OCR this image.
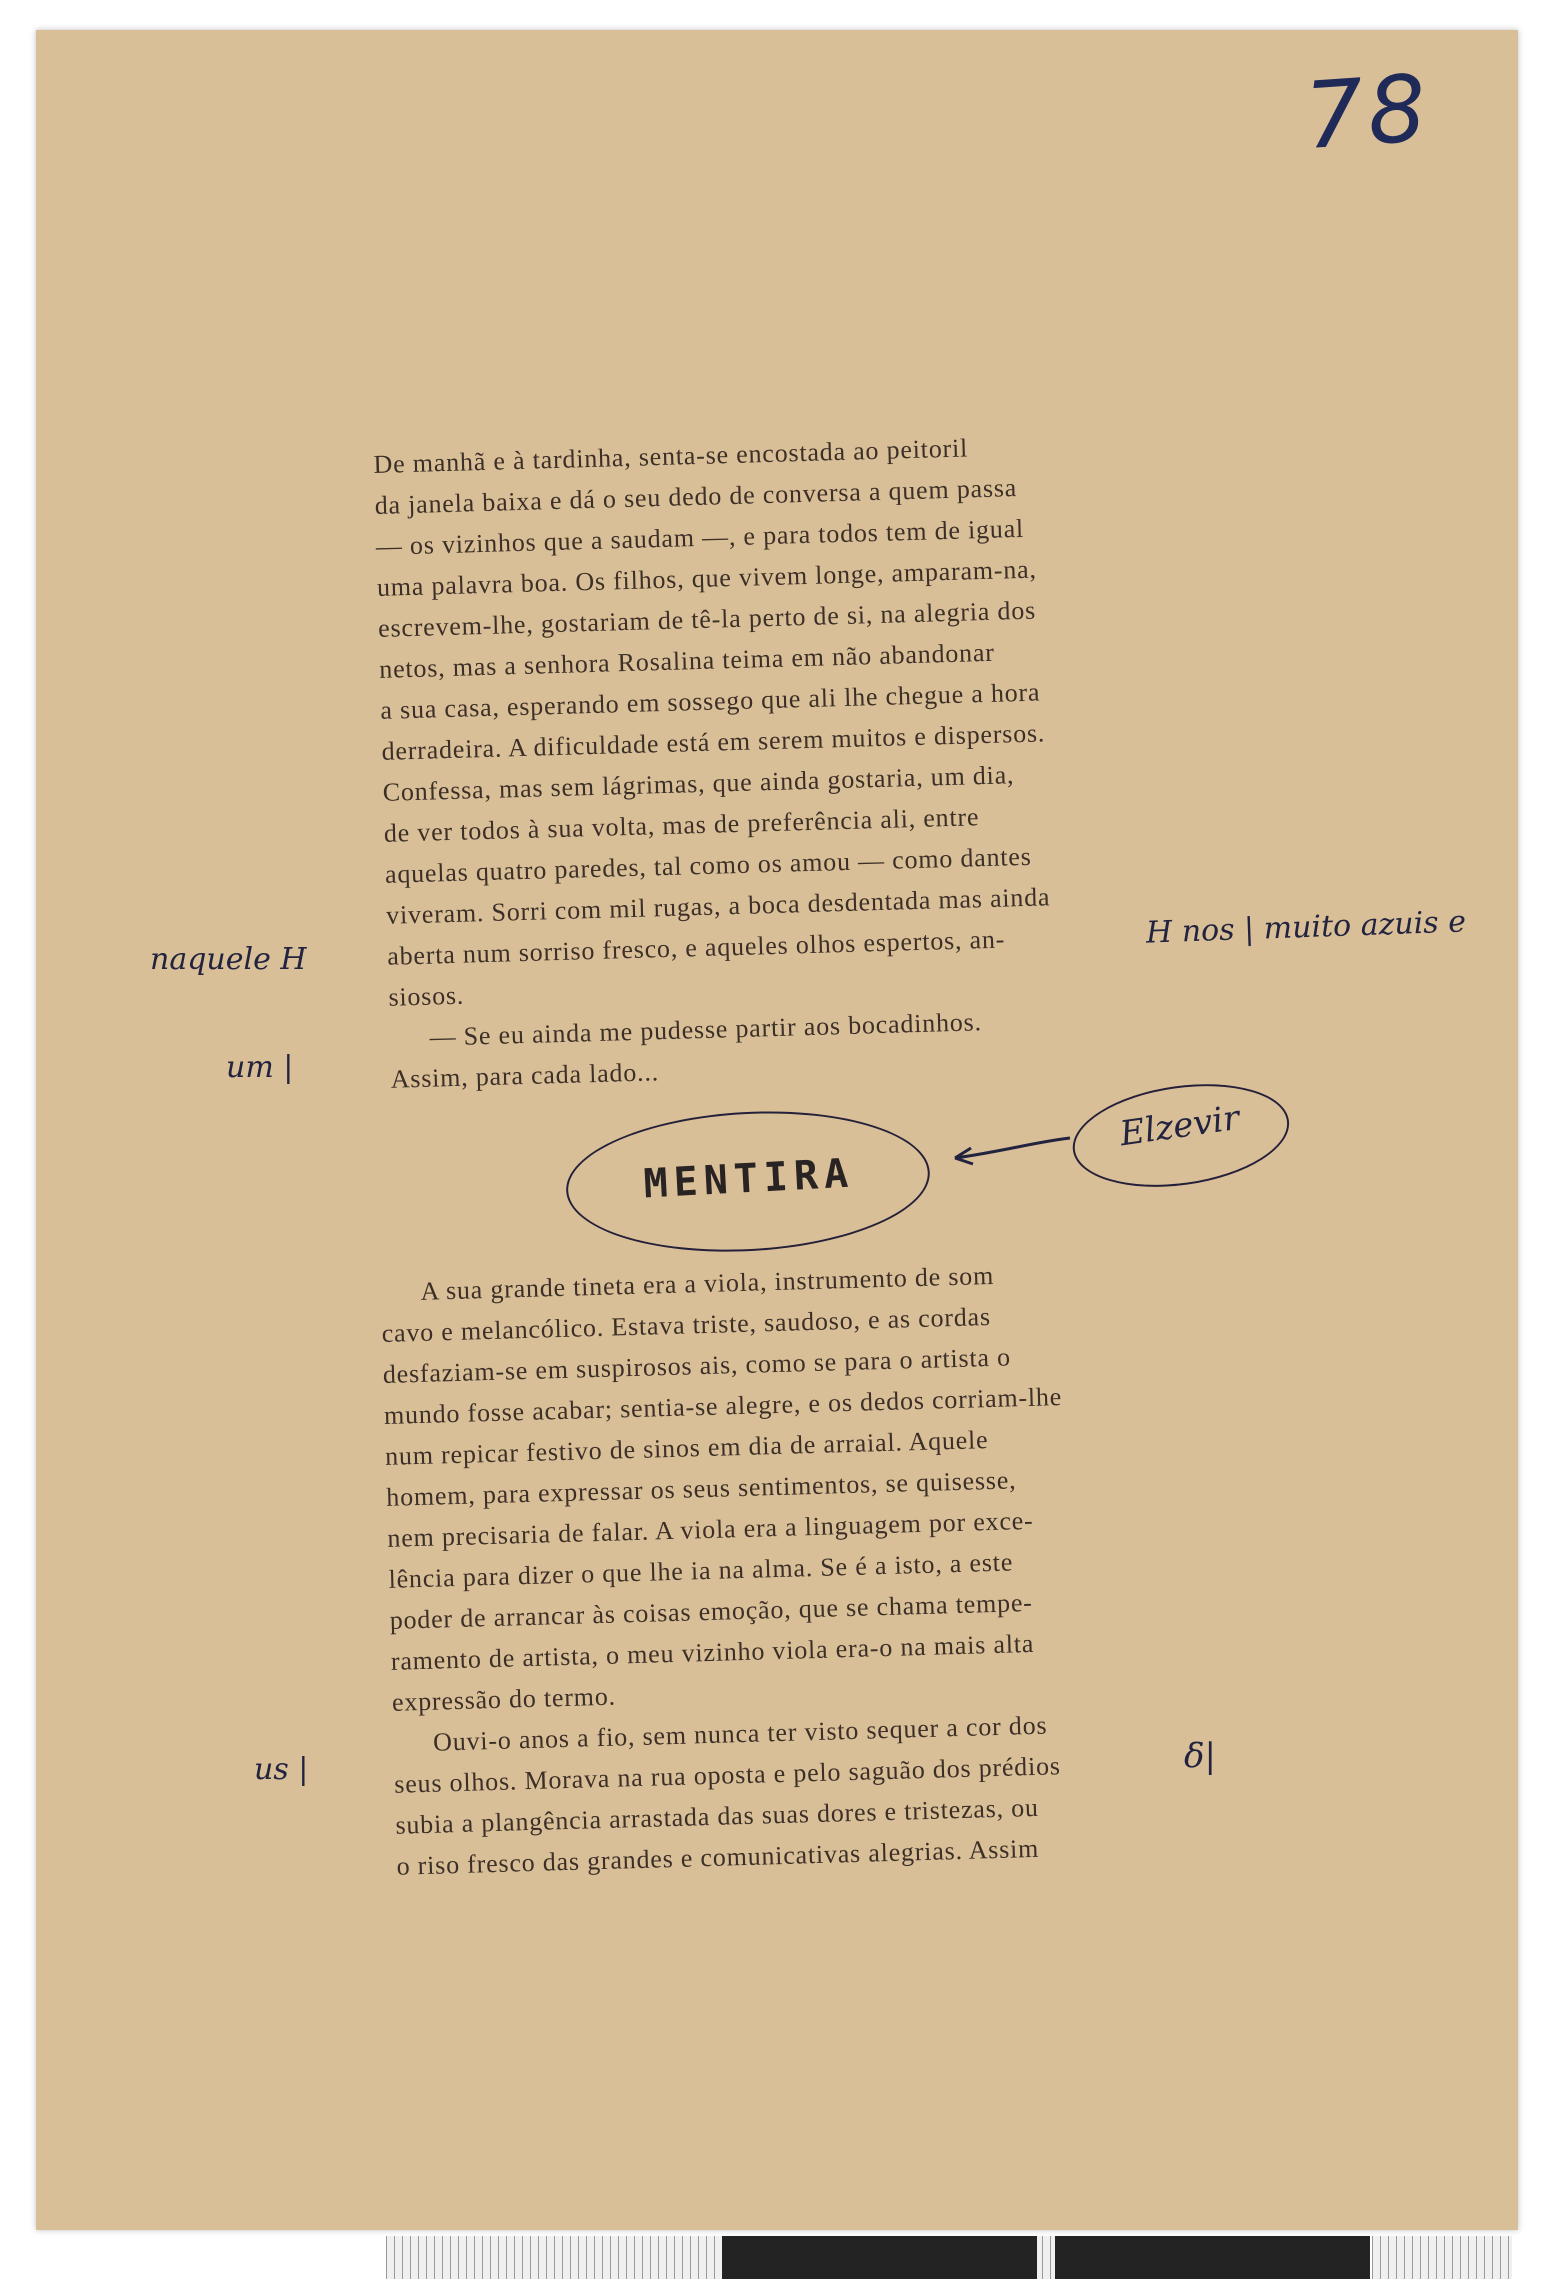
78
De manhã e à tardinha, senta-se encostada ao peitoril
da janela baixa e dá o seu dedo de conversa a quem passa
— os vizinhos que a saudam —, e para todos tem de igual
uma palavra boa. Os filhos, que vivem longe, amparam-na,
escrevem-lhe, gostariam de tê-la perto de si, na alegria dos
netos, mas a senhora Rosalina teima em não abandonar
a sua casa, esperando em sossego que ali lhe chegue a hora
derradeira. A dificuldade está em serem muitos e dispersos.
Confessa, mas sem lágrimas, que ainda gostaria, um dia,
de ver todos à sua volta, mas de preferência ali, entre
aquelas quatro paredes, tal como os amou — como dantes
viveram. Sorri com mil rugas, a boca desdentada mas ainda
aberta num sorriso fresco, e aqueles olhos espertos, an-
siosos.
— Se eu ainda me pudesse partir aos bocadinhos.
Assim, para cada lado...
MENTIRA
Elzevir
A sua grande tineta era a viola, instrumento de som
cavo e melancólico. Estava triste, saudoso, e as cordas
desfaziam-se em suspirosos ais, como se para o artista o
mundo fosse acabar; sentia-se alegre, e os dedos corriam-lhe
num repicar festivo de sinos em dia de arraial. Aquele
homem, para expressar os seus sentimentos, se quisesse,
nem precisaria de falar. A viola era a linguagem por exce-
lência para dizer o que lhe ia na alma. Se é a isto, a este
poder de arrancar às coisas emoção, que se chama tempe-
ramento de artista, o meu vizinho viola era-o na mais alta
expressão do termo.
Ouvi-o anos a fio, sem nunca ter visto sequer a cor dos
seus olhos. Morava na rua oposta e pelo saguão dos prédios
subia a plangência arrastada das suas dores e tristezas, ou
o riso fresco das grandes e comunicativas alegrias. Assim
naquele H
um |
us |
H nos | muito azuis e
δ|
